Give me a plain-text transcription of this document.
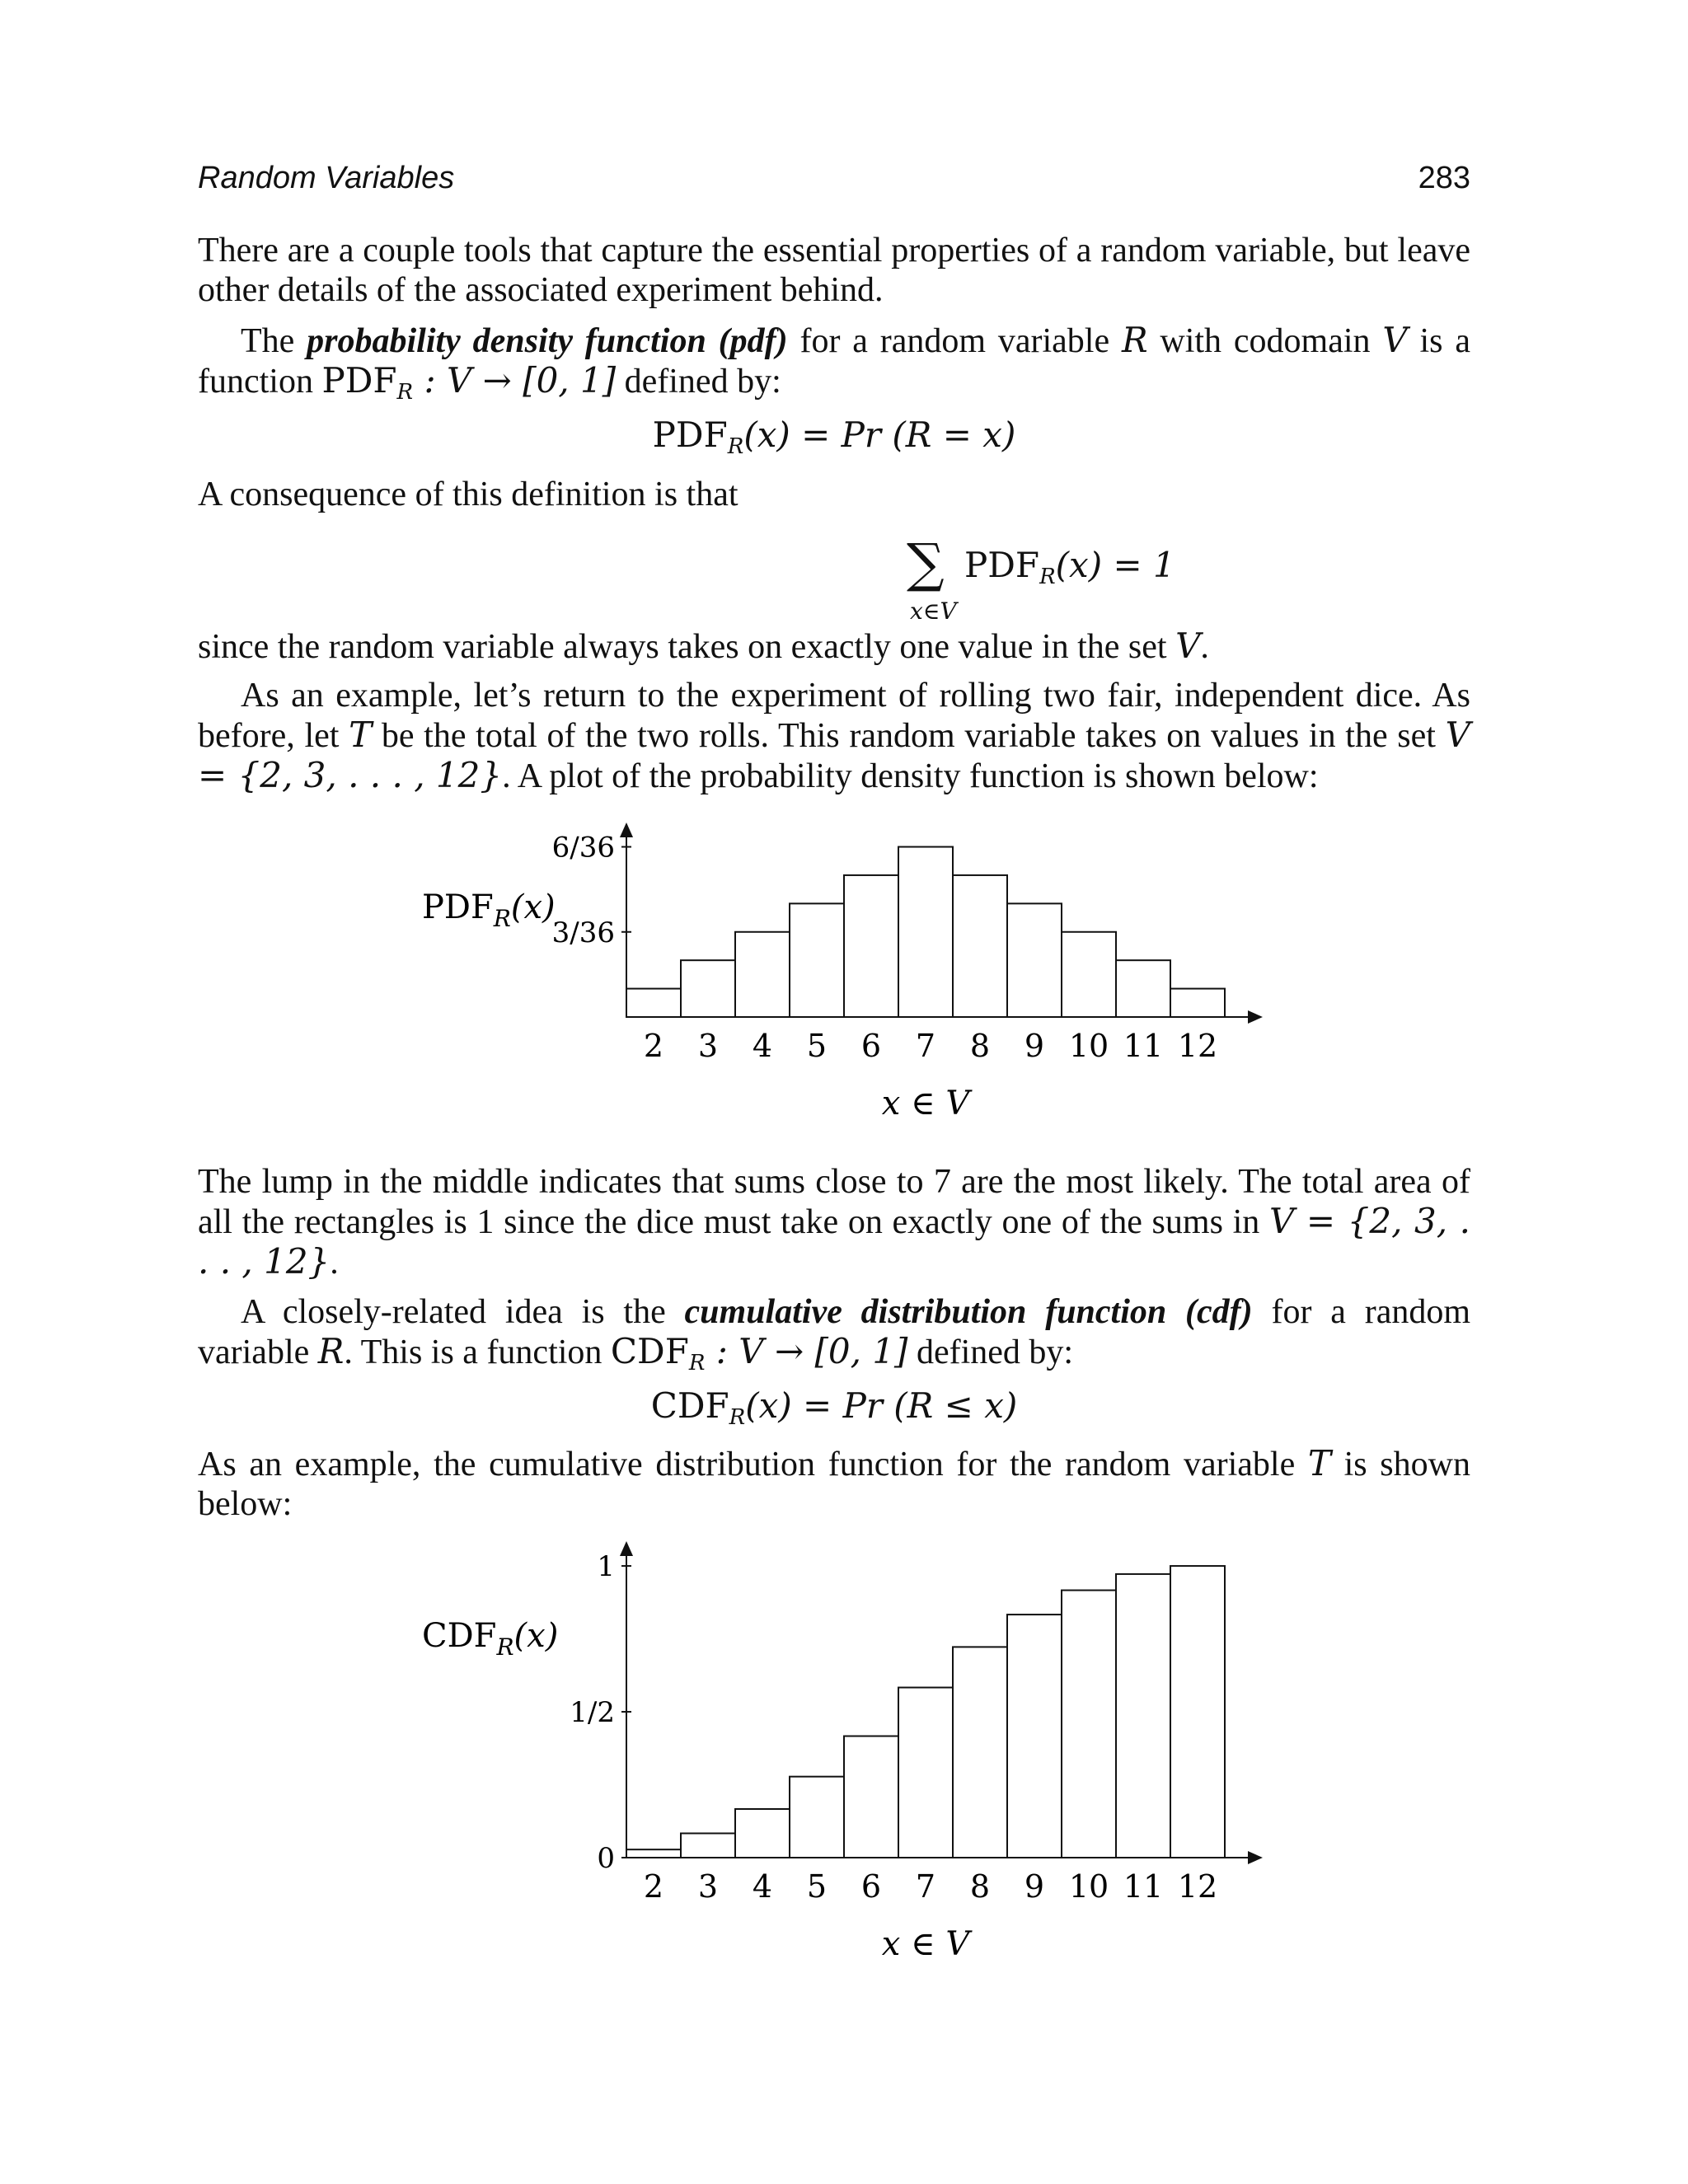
Random Variables	283
There are a couple tools that capture the essential properties of a random variable, but leave other details of the associated experiment behind.
The probability density function (pdf) for a random variable R with codomain V is a function $PDF_R$ : V → [0, 1] defined by:
$PDF_R(x) = Pr$ (R = x)
A consequence of this definition is that
∑ $PDF_R(x) = 1$
x∈V
since the random variable always takes on exactly one value in the set V.
As an example, let’s return to the experiment of rolling two fair, independent dice. As before, let T be the total of the two rolls. This random variable takes on values in the set V = {2, 3, . . . , 12}. A plot of the probability density function is shown below:
2 3 4 5 6 7 8 9 10 11 12
3/36
6/36
$PDF_R(x)$
x ∈ V
The lump in the middle indicates that sums close to 7 are the most likely. The total area of all the rectangles is 1 since the dice must take on exactly one of the sums in V = {2, 3, . . . , 12}.
A closely-related idea is the cumulative distribution function (cdf) for a random variable R. This is a function $CDF_R$ : V → [0, 1] defined by:
$CDF_R(x) = Pr$ (R ≤ x)
As an example, the cumulative distribution function for the random variable T is shown below:
2 3 4 5 6 7 8 9 10 11 12
0
1/2
1
$CDF_R(x)$
x ∈ V
